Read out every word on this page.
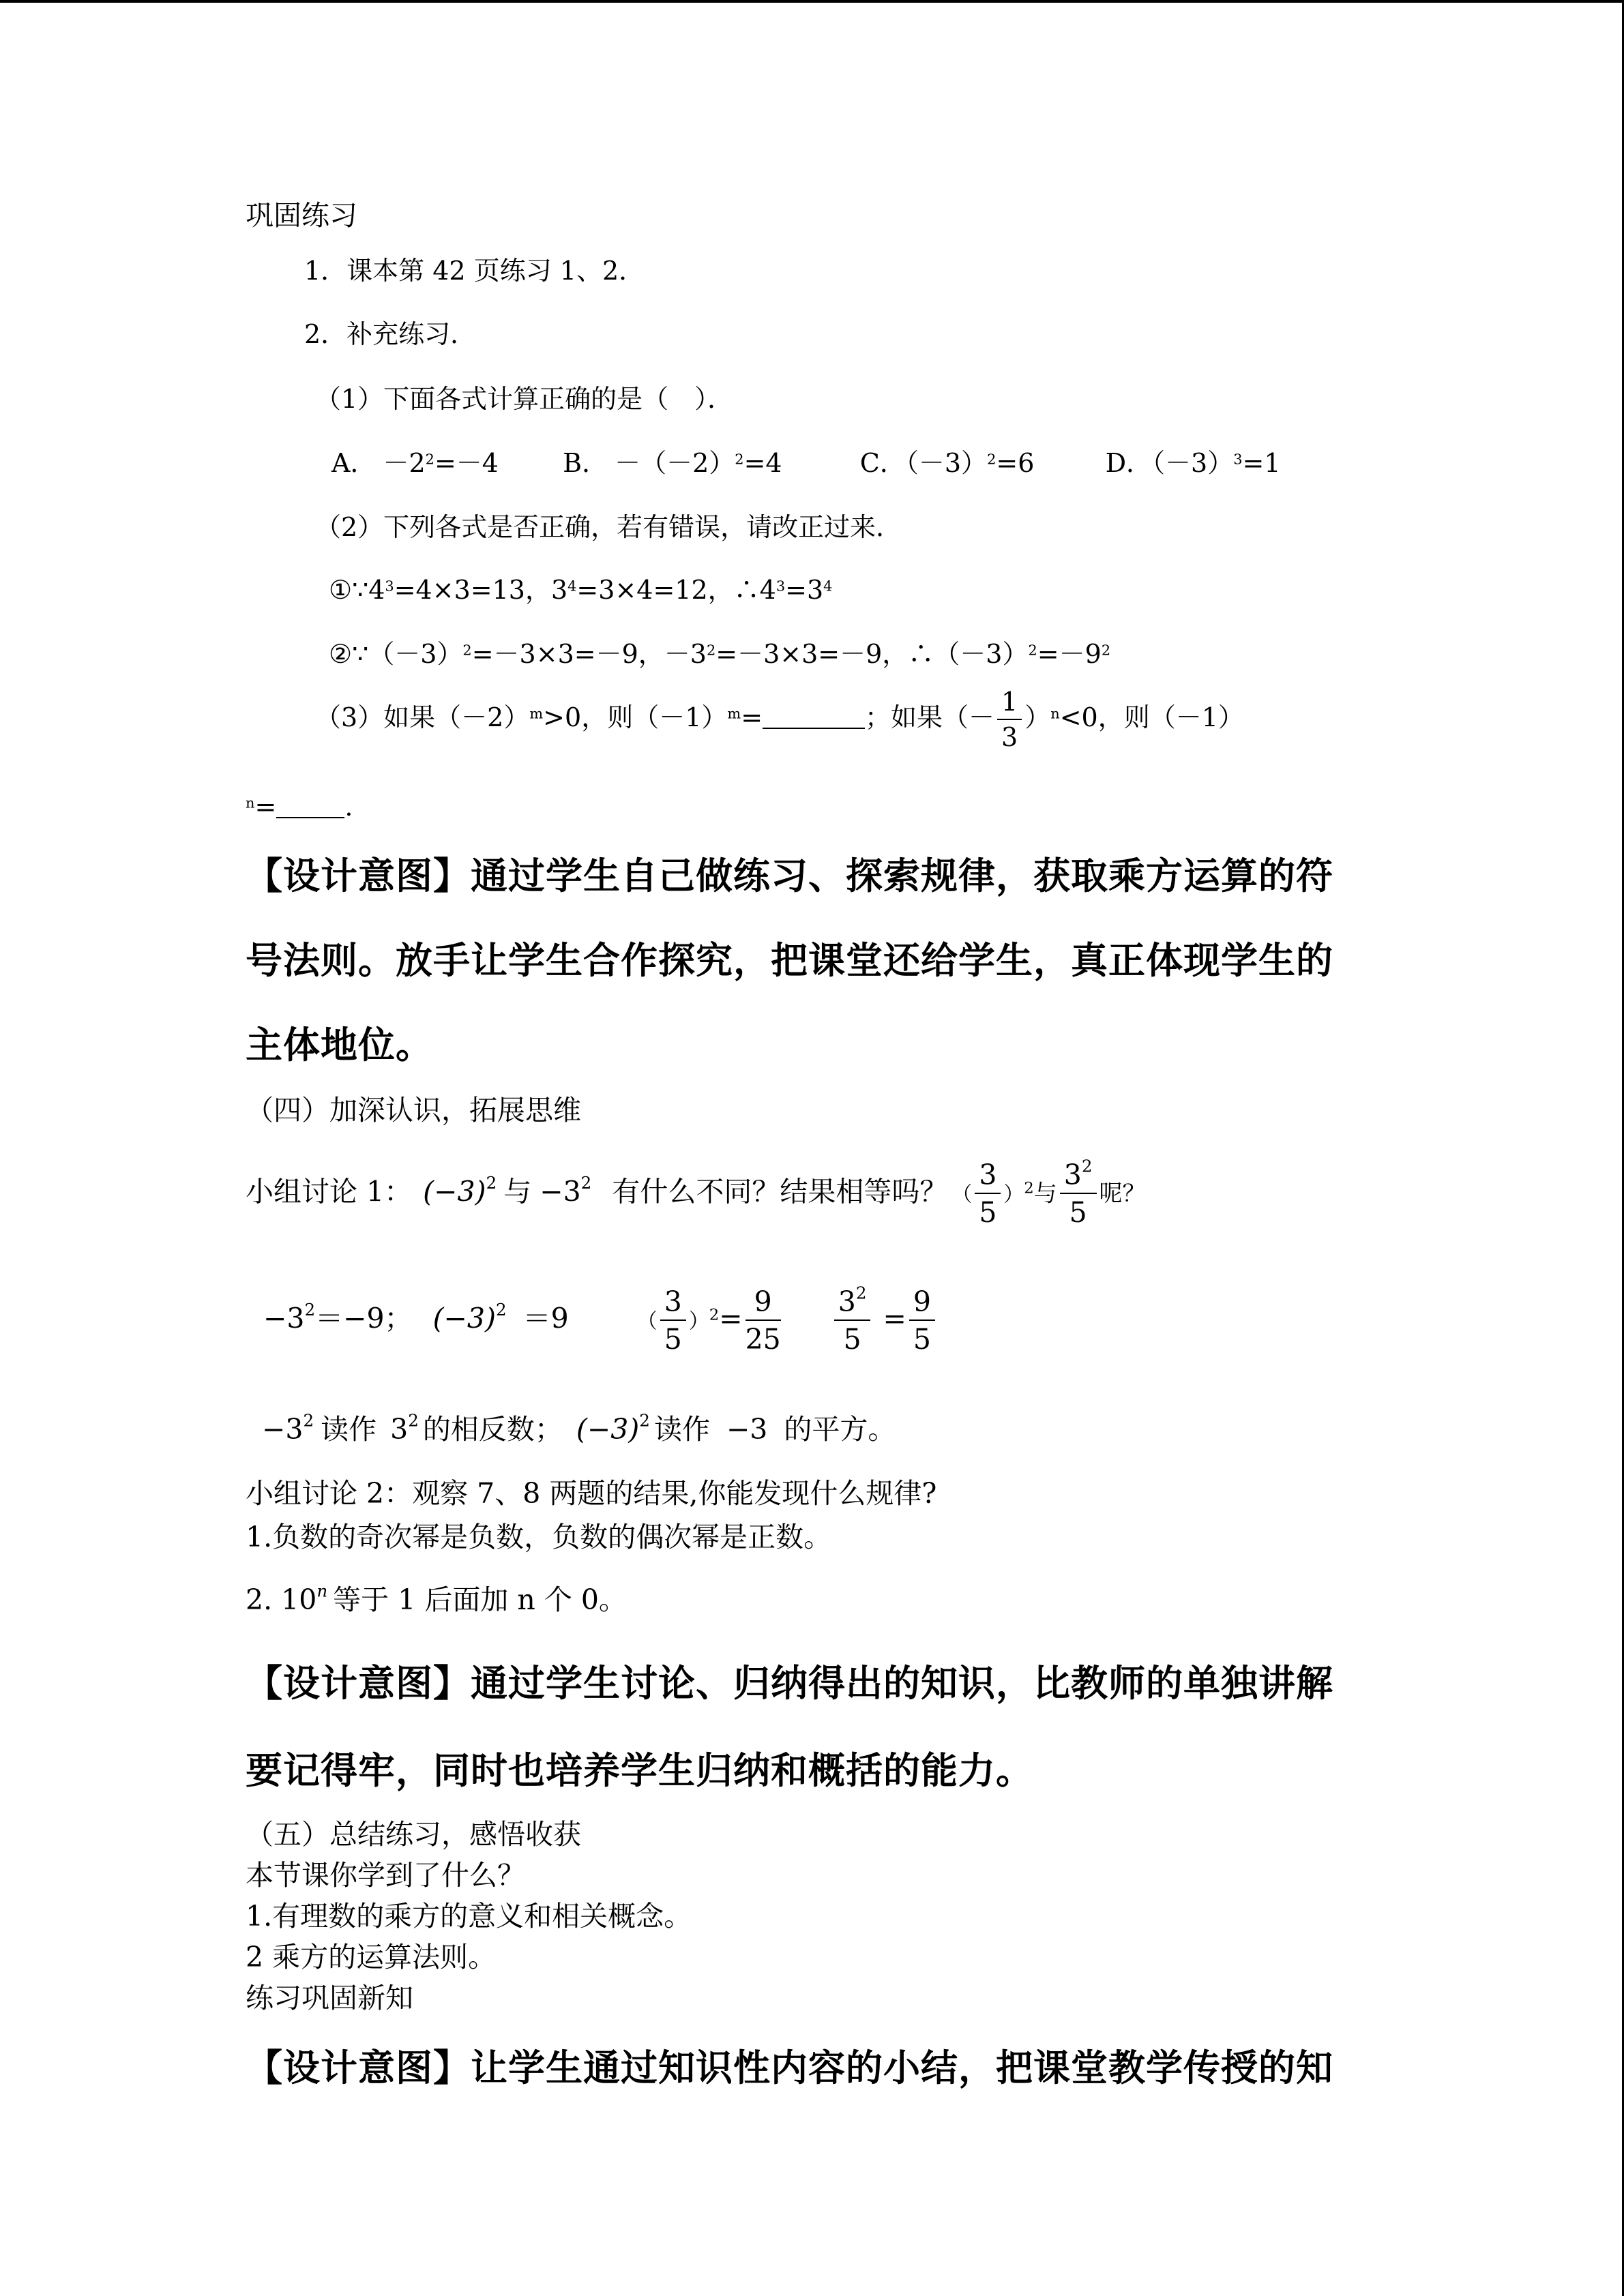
巩固练习
1．课本第 42 页练习 1、2．
2．补充练习．
（1）下面各式计算正确的是（　）．
A． $-2^2=-4$ B． $-(-2)^2=4$	C．$(-3)^2=6$	D．$(-3)^3=1$
（2）下列各式是否正确，若有错误，请改正过来．
$①\because 4^3=4\times 3=13$，$3^4=3\times 4=12$，$\therefore 4^3=3^4$
$②\because(-3)^2=-3\times 3=-9$，$-3^2=-3\times 3=-9$，$\therefore(-3)^2=-9^2$
（3）如果$(-2)^m>0$，则$(-1)^m=$	；如果（－ $\frac{1}{3} )^n<0$，则（－1）
$^n$=	.
【设计意图】通过学生自己做练习、探索规律，获取乘方运算的符
号法则。放手让学生合作探究，把课堂还给学生，真正体现学生的
主体地位。
（四）加深认识，拓展思维
小组讨论 1： $(-3)^2$ 与 $-3^2$ 有什么不同？结果相等吗？ （ $\frac{3}{5} )^2$与 $\frac{3^2}{5}$ 呢？
$-3^2=-9$； $(-3)^2 =9$	（ $\frac{3}{5} )^2= \frac{9}{25} \frac{3^2}{5} = \frac{9}{5}$
$-3^2$ 读作 $3^2$ 的相反数； $(-3)^2$ 读作 −3 的平方。
小组讨论 2：观察 7、8 两题的结果,你能发现什么规律?
1.负数的奇次幂是负数，负数的偶次幂是正数。
2. 10$^n$ 等于 1 后面加 n 个 0。
【设计意图】通过学生讨论、归纳得出的知识，比教师的单独讲解
要记得牢，同时也培养学生归纳和概括的能力。
（五）总结练习，感悟收获
本节课你学到了什么？
1.有理数的乘方的意义和相关概念。
2 乘方的运算法则。
练习巩固新知
【设计意图】让学生通过知识性内容的小结，把课堂教学传授的知
